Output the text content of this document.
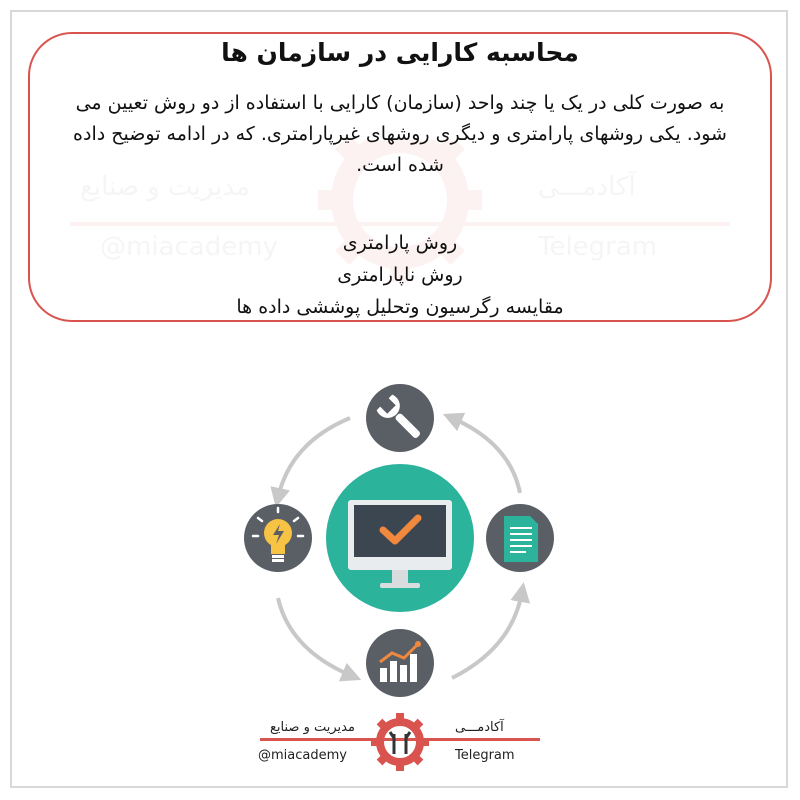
محاسبه کارایی در سازمان ها
به صورت کلی در یک یا چند واحد (سازمان) کارایی با استفاده از دو روش تعیین می شود. یکی روشهای پارامتری و دیگری روشهای غیرپارامتری. که در ادامه توضیح داده شده است.
روش پارامتری
روش ناپارامتری
مقایسه رگرسیون وتحلیل پوششی داده ها
مدیریت و صنایع	آکادمـــی
@miacademy	Telegram
